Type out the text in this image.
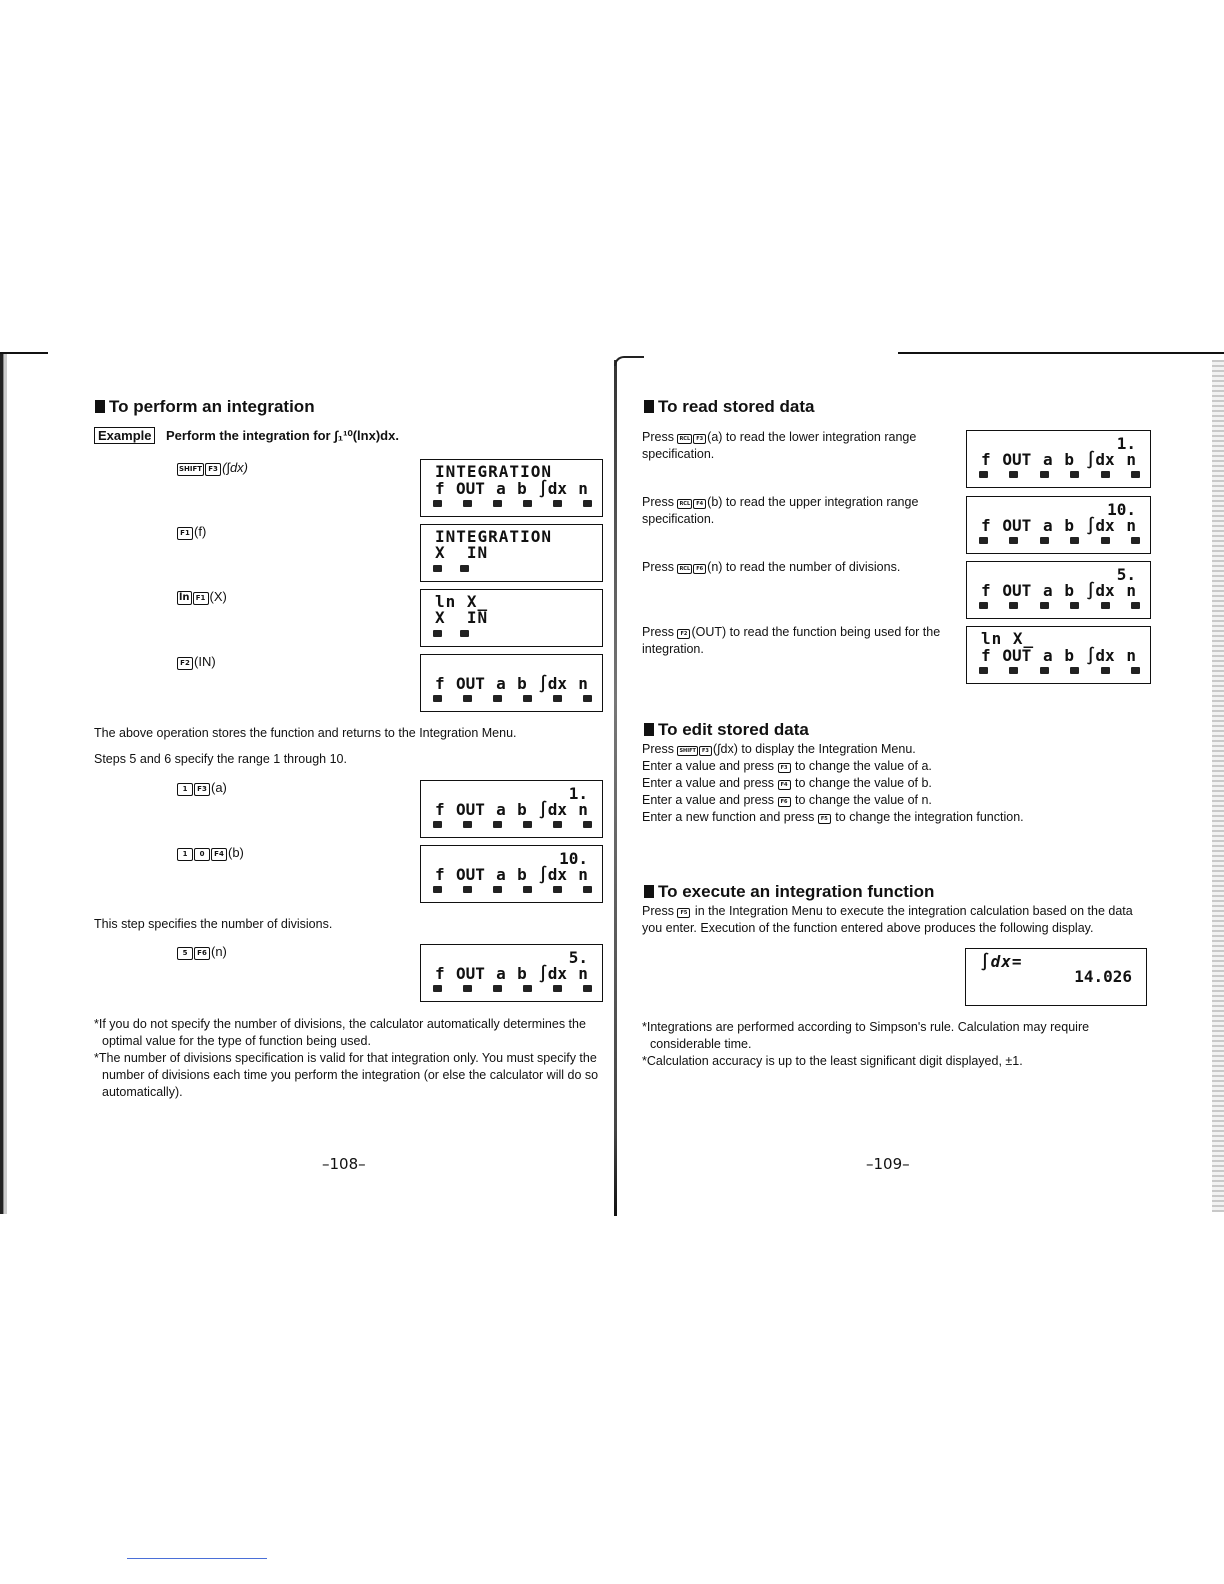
To perform an integration
Example Perform the integration for ∫₁¹⁰(lnx)dx.
SHIFT F3 (∫dx)	INTEGRATION
f OUT a b ∫dx n
F1 (f)	INTEGRATION
X  IN
ln F1 (X)	ln X_
X  IN
F2 (IN)
f OUT a b ∫dx n
The above operation stores the function and returns to the Integration Menu.
Steps 5 and 6 specify the range 1 through 10.
1 F3 (a)	1.
f OUT a b ∫dx n
1 0 F4 (b)	10.
f OUT a b ∫dx n
This step specifies the number of divisions.
5 F6 (n)	5.
f OUT a b ∫dx n
*If you do not specify the number of divisions, the calculator automatically determines the optimal value for the type of function being used.
*The number of divisions specification is valid for that integration only. You must specify the number of divisions each time you perform the integration (or else the calculator will do so automatically).
–108–
To read stored data
Press RCL F3 (a) to read the lower integration range specification.
1.
f OUT a b ∫dx n
Press RCL F4 (b) to read the upper integration range specification.	10.
f OUT a b ∫dx n
Press RCL F6 (n) to read the number of divisions.	5.
f OUT a b ∫dx n
Press F2 (OUT) to read the function being used for the integration.
ln X_
f OUT a b ∫dx n
To edit stored data
Press SHIFT F3 (∫dx) to display the Integration Menu.
Enter a value and press F3 to change the value of a.
Enter a value and press F4 to change the value of b.
Enter a value and press F6 to change the value of n.
Enter a new function and press F5 to change the integration function.
To execute an integration function
Press F5 in the Integration Menu to execute the integration calculation based on the data you enter. Execution of the function entered above produces the following display.
∫dx=
14.026
*Integrations are performed according to Simpson's rule. Calculation may require considerable time.
*Calculation accuracy is up to the least significant digit displayed, ±1.
–109–
